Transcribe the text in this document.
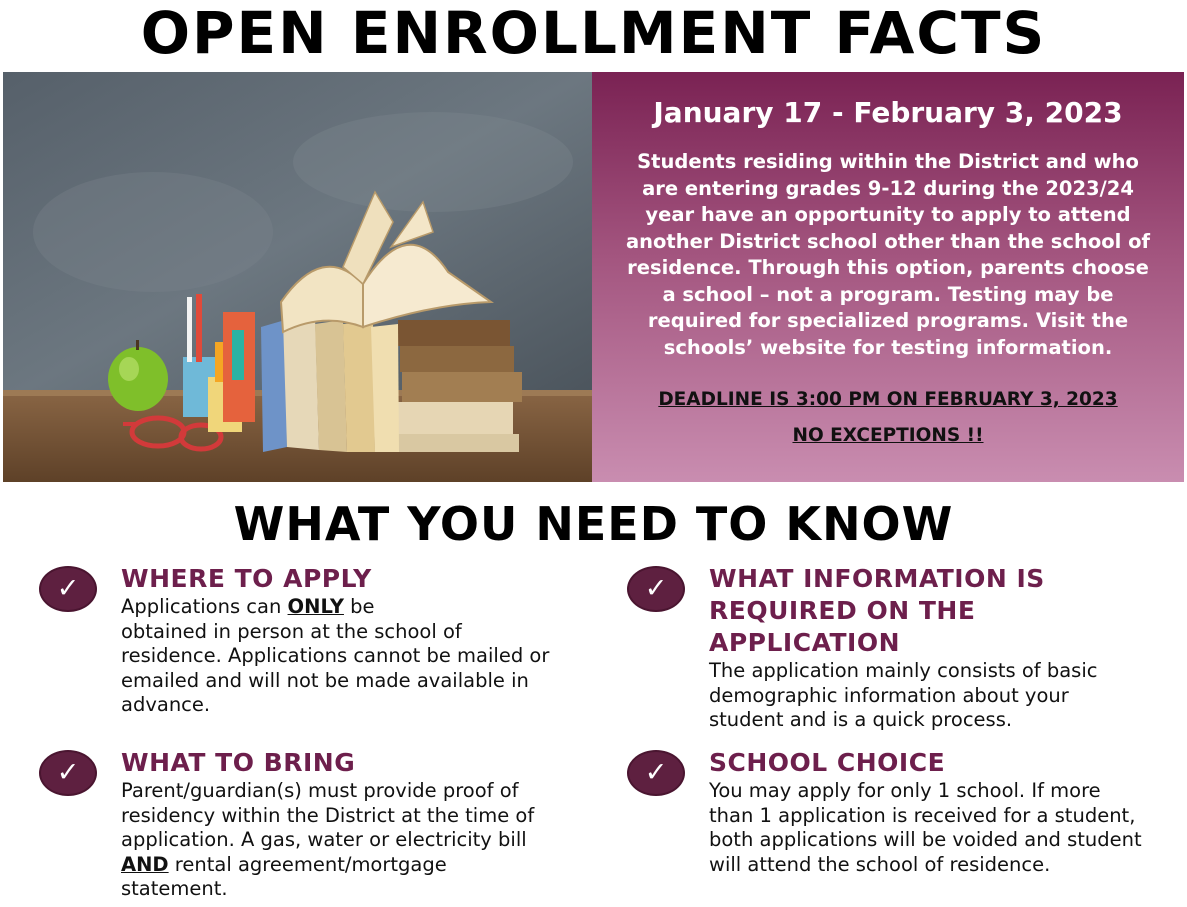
OPEN ENROLLMENT FACTS
January 17 - February 3, 2023
Students residing within the District and who
are entering grades 9-12 during the 2023/24
year have an opportunity to apply to attend
another District school other than the school of
residence. Through this option, parents choose
a school – not a program. Testing may be
required for specialized programs. Visit the
schools’ website for testing information.
DEADLINE IS 3:00 PM ON FEBRUARY 3, 2023
NO EXCEPTIONS !!
WHAT YOU NEED TO KNOW
✓	WHERE TO APPLY

Applications can ONLY be
obtained in person at the school of
residence. Applications cannot be mailed or
emailed and will not be made available in
advance.

✓	WHAT TO BRING

Parent/guardian(s) must provide proof of
residency within the District at the time of
application. A gas, water or electricity bill
AND rental agreement/mortgage
statement.

✓	WHAT INFORMATION IS
REQUIRED ON THE
APPLICATION

The application mainly consists of basic
demographic information about your
student and is a quick process.

✓	SCHOOL CHOICE

You may apply for only 1 school. If more
than 1 application is received for a student,
both applications will be voided and student
will attend the school of residence.
